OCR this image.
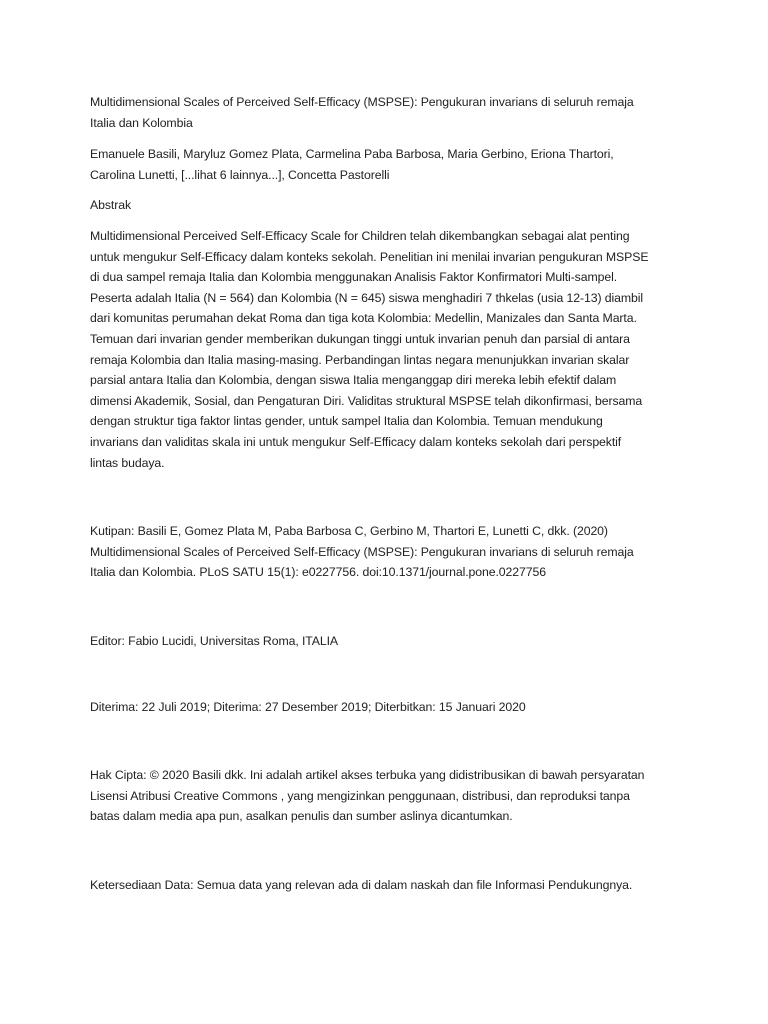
Multidimensional Scales of Perceived Self-Efficacy (MSPSE): Pengukuran invarians di seluruh remaja
Italia dan Kolombia

Emanuele Basili, Maryluz Gomez Plata, Carmelina Paba Barbosa, Maria Gerbino, Eriona Thartori,
Carolina Lunetti, [...lihat 6 lainnya...], Concetta Pastorelli

Abstrak

Multidimensional Perceived Self-Efficacy Scale for Children telah dikembangkan sebagai alat penting
untuk mengukur Self-Efficacy dalam konteks sekolah. Penelitian ini menilai invarian pengukuran MSPSE
di dua sampel remaja Italia dan Kolombia menggunakan Analisis Faktor Konfirmatori Multi-sampel.
Peserta adalah Italia (N = 564) dan Kolombia (N = 645) siswa menghadiri 7 thkelas (usia 12-13) diambil
dari komunitas perumahan dekat Roma dan tiga kota Kolombia: Medellin, Manizales dan Santa Marta.
Temuan dari invarian gender memberikan dukungan tinggi untuk invarian penuh dan parsial di antara
remaja Kolombia dan Italia masing-masing. Perbandingan lintas negara menunjukkan invarian skalar
parsial antara Italia dan Kolombia, dengan siswa Italia menganggap diri mereka lebih efektif dalam
dimensi Akademik, Sosial, dan Pengaturan Diri. Validitas struktural MSPSE telah dikonfirmasi, bersama
dengan struktur tiga faktor lintas gender, untuk sampel Italia dan Kolombia. Temuan mendukung
invarians dan validitas skala ini untuk mengukur Self-Efficacy dalam konteks sekolah dari perspektif
lintas budaya.

Kutipan: Basili E, Gomez Plata M, Paba Barbosa C, Gerbino M, Thartori E, Lunetti C, dkk. (2020)
Multidimensional Scales of Perceived Self-Efficacy (MSPSE): Pengukuran invarians di seluruh remaja
Italia dan Kolombia. PLoS SATU 15(1): e0227756. doi:10.1371/journal.pone.0227756

Editor: Fabio Lucidi, Universitas Roma, ITALIA

Diterima: 22 Juli 2019; Diterima: 27 Desember 2019; Diterbitkan: 15 Januari 2020

Hak Cipta: © 2020 Basili dkk. Ini adalah artikel akses terbuka yang didistribusikan di bawah persyaratan
Lisensi Atribusi Creative Commons , yang mengizinkan penggunaan, distribusi, dan reproduksi tanpa
batas dalam media apa pun, asalkan penulis dan sumber aslinya dicantumkan.

Ketersediaan Data: Semua data yang relevan ada di dalam naskah dan file Informasi Pendukungnya.
